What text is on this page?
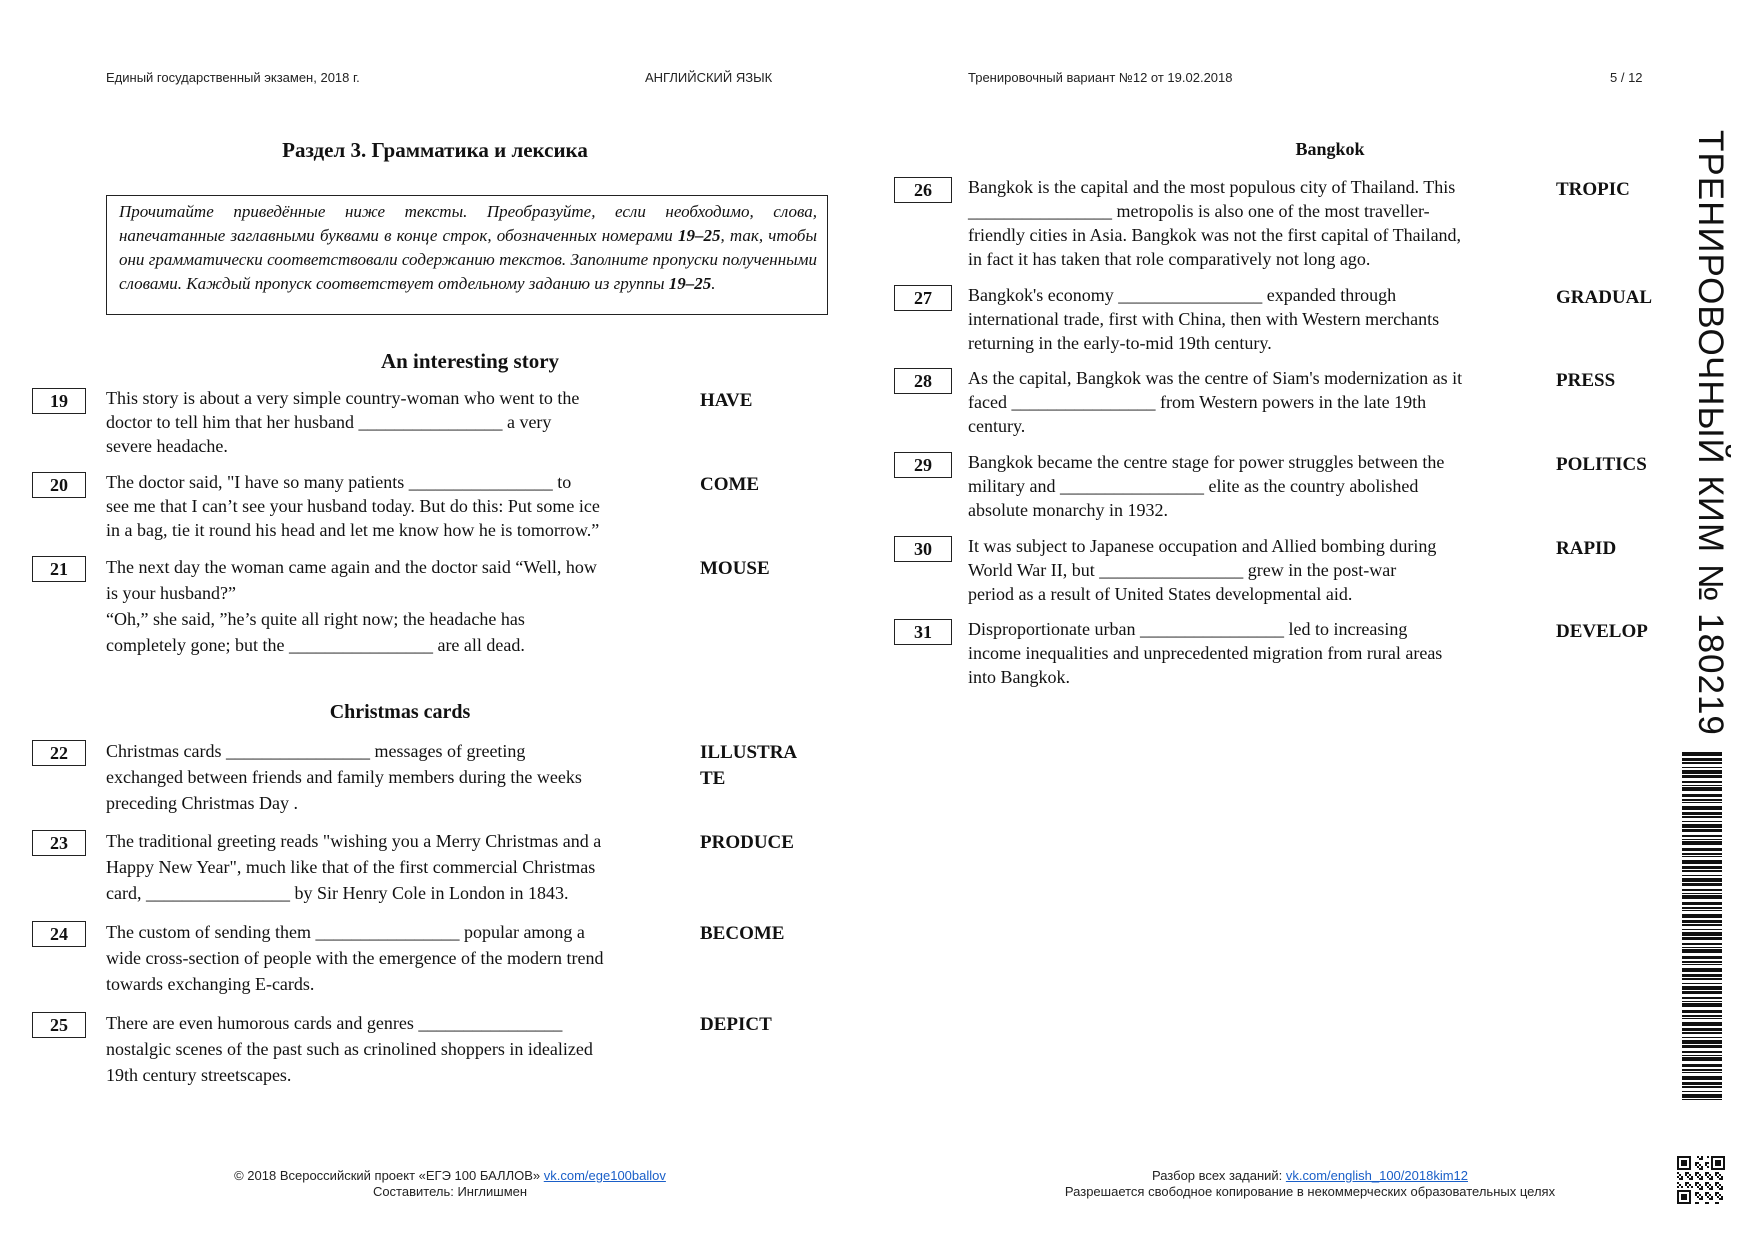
Единый государственный экзамен, 2018 г.	АНГЛИЙСКИЙ ЯЗЫК	Тренировочный вариант №12 от 19.02.2018	5 / 12
Раздел 3. Грамматика и лексика
Прочитайте приведённые ниже тексты. Преобразуйте, если необходимо, слова, напечатанные заглавными буквами в конце строк, обозначенных номерами 19–25, так, чтобы они грамматически соответствовали содержанию текстов. Заполните пропуски полученными словами. Каждый пропуск соответствует отдельному заданию из группы 19–25.
An interesting story
19	This story is about a very simple country-woman who went to the
doctor to tell him that her husband ________________ a very
severe headache.
HAVE
20	The doctor said, "I have so many patients ________________ to
see me that I can’t see your husband today. But do this: Put some ice
in a bag, tie it round his head and let me know how he is tomorrow.”
COME
21	The next day the woman came again and the doctor said “Well, how
is your husband?”
“Oh,” she said, ”he’s quite all right now; the headache has
completely gone; but the ________________ are all dead.
MOUSE
Christmas cards
22	Christmas cards ________________ messages of greeting
exchanged between friends and family members during the weeks
preceding Christmas Day .
ILLUSTRA TE
23	The traditional greeting reads "wishing you a Merry Christmas and a
Happy New Year", much like that of the first commercial Christmas
card, ________________ by Sir Henry Cole in London in 1843.
PRODUCE
24	The custom of sending them ________________ popular among a
wide cross-section of people with the emergence of the modern trend
towards exchanging E-cards.
BECOME
25	There are even humorous cards and genres ________________
nostalgic scenes of the past such as crinolined shoppers in idealized
19th century streetscapes.
DEPICT
Bangkok
26	Bangkok is the capital and the most populous city of Thailand. This
________________ metropolis is also one of the most traveller-
friendly cities in Asia. Bangkok was not the first capital of Thailand,
in fact it has taken that role comparatively not long ago.
TROPIC
27	Bangkok's economy ________________ expanded through
international trade, first with China, then with Western merchants
returning in the early-to-mid 19th century.
GRADUAL
28	As the capital, Bangkok was the centre of Siam's modernization as it
faced ________________ from Western powers in the late 19th
century.
PRESS
29	Bangkok became the centre stage for power struggles between the
military and ________________ elite as the country abolished
absolute monarchy in 1932.
POLITICS
30	It was subject to Japanese occupation and Allied bombing during
World War II, but ________________ grew in the post-war
period as a result of United States developmental aid.
RAPID
31	Disproportionate urban ________________ led to increasing
income inequalities and unprecedented migration from rural areas
into Bangkok.
DEVELOP ТРЕНИРОВОЧНЫЙ КИМ № 180219
© 2018 Всероссийский проект «ЕГЭ 100 БАЛЛОВ» vk.com/ege100ballov
Составитель: Инглишмен
Разбор всех заданий: vk.com/english_100/2018kim12
Разрешается свободное копирование в некоммерческих образовательных целях
